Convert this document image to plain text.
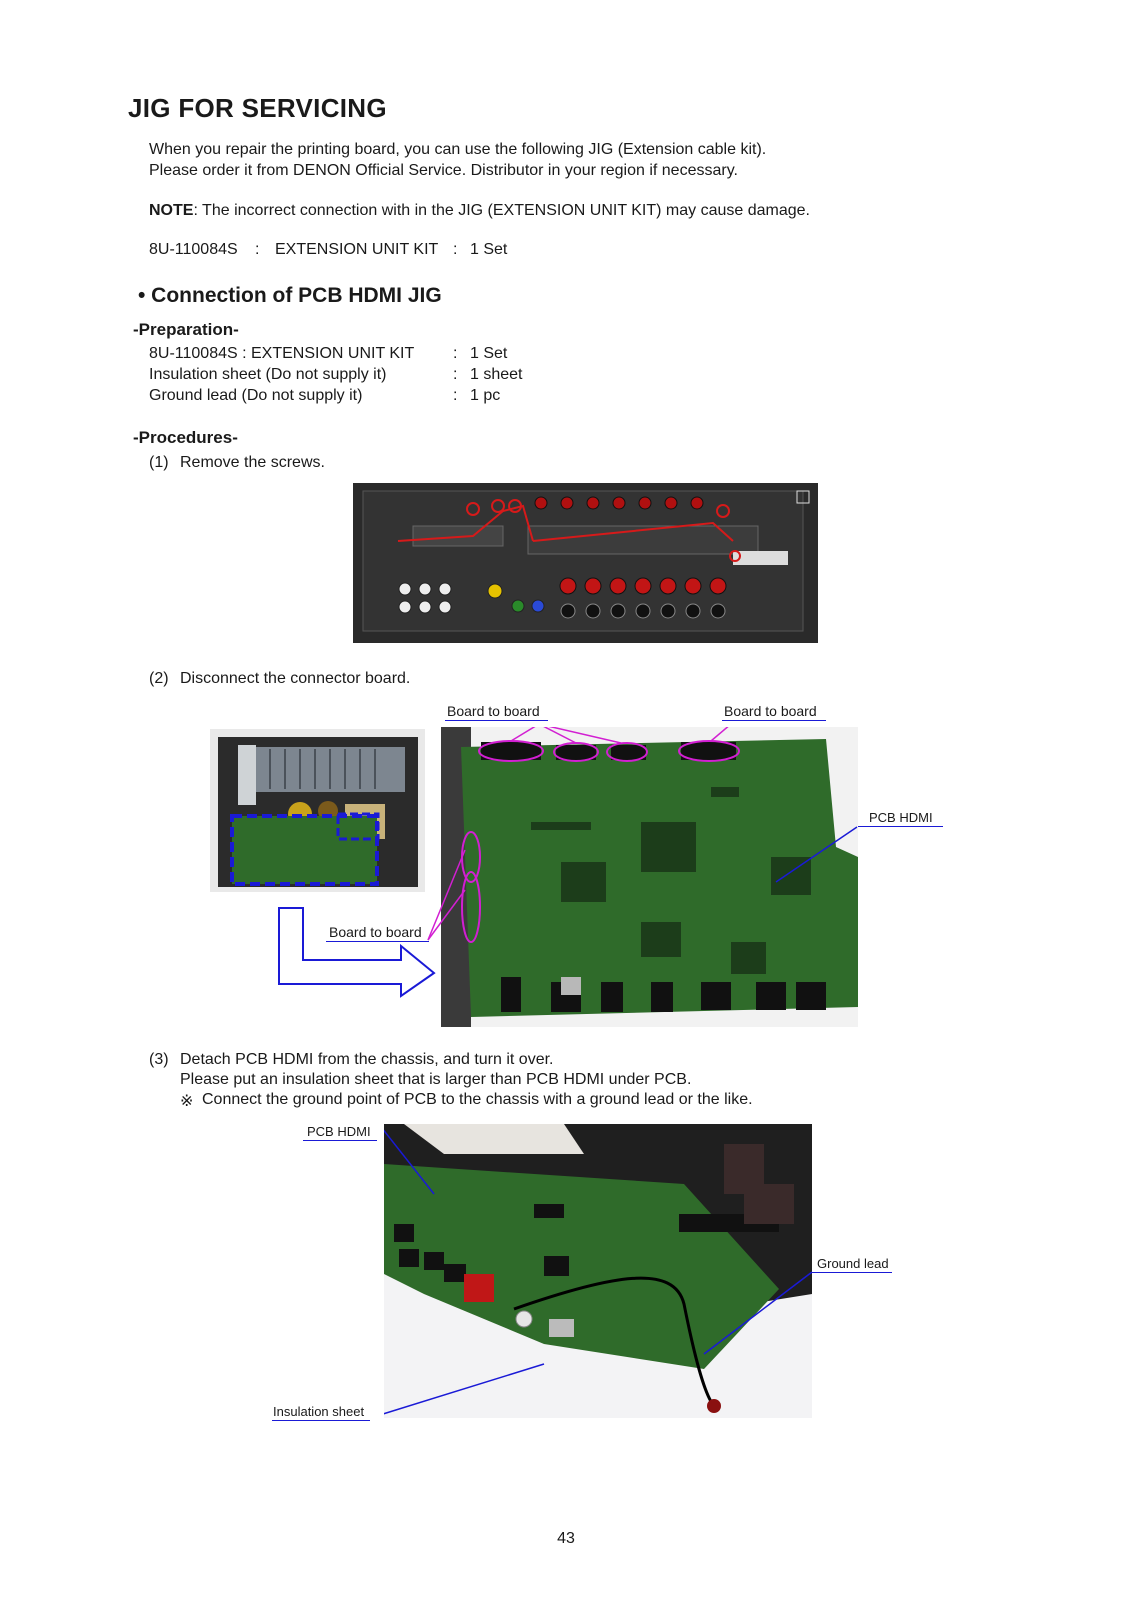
JIG FOR SERVICING
When you repair the printing board, you can use the following JIG (Extension cable kit).
Please order it from DENON Official Service. Distributor in your region if necessary.
NOTE: The incorrect connection with in the JIG (EXTENSION UNIT KIT) may cause damage.
8U-110084S : EXTENSION UNIT KIT : 1 Set
• Connection of PCB HDMI JIG
-Preparation-
8U-110084S : EXTENSION UNIT KIT : 1 Set
Insulation sheet (Do not supply it)	: 1 sheet
Ground lead (Do not supply it)	: 1 pc
-Procedures-
(1) Remove the screws.
(2) Disconnect the connector board.
Board to board	Board to board
PCB HDMI
Board to board
(3) Detach PCB HDMI from the chassis, and turn it over.
Please put an insulation sheet that is larger than PCB HDMI under PCB.
※ Connect the ground point of PCB to the chassis with a ground lead or the like.
PCB HDMI
Ground lead
Insulation sheet
43
